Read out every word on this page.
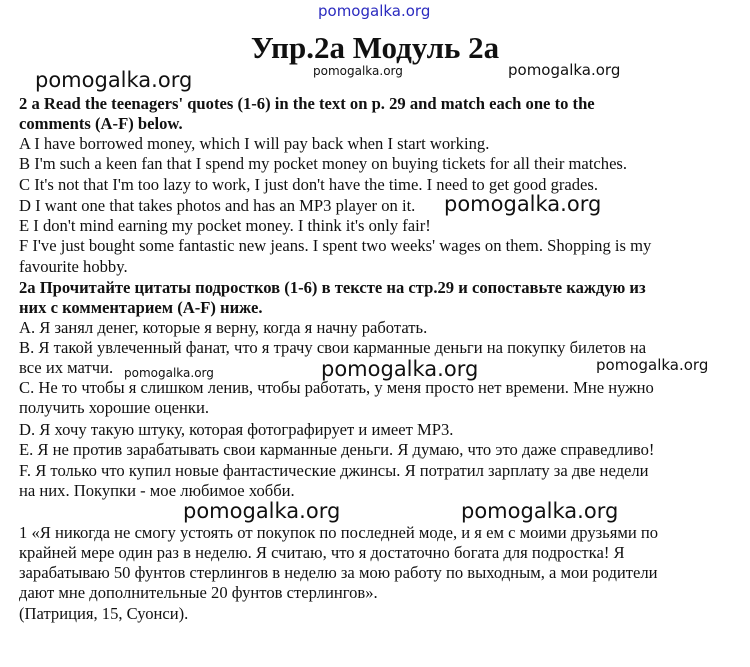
pomogalka.org
Упр.2а Модуль 2а
pomogalka.org	pomogalka.org	pomogalka.org
pomogalka.org
pomogalka.org	pomogalka.org	pomogalka.org
pomogalka.org	pomogalka.org
2 a Read the teenagers' quotes (1-6) in the text on p. 29 and match each one to the
comments (A-F) below.
A I have borrowed money, which I will pay back when I start working.
B I'm such a keen fan that I spend my pocket money on buying tickets for all their matches.
C It's not that I'm too lazy to work, I just don't have the time. I need to get good grades.
D I want one that takes photos and has an MP3 player on it.
E I don't mind earning my pocket money. I think it's only fair!
F I've just bought some fantastic new jeans. I spent two weeks' wages on them. Shopping is my
favourite hobby.
2а Прочитайте цитаты подростков (1-6) в тексте на стр.29 и сопоставьте каждую из
них с комментарием (A-F) ниже.
А. Я занял денег, которые я верну, когда я начну работать.
В. Я такой увлеченный фанат, что я трачу свои карманные деньги на покупку билетов на
все их матчи.
С. Не то чтобы я слишком ленив, чтобы работать, у меня просто нет времени. Мне нужно
получить хорошие оценки.
D. Я хочу такую штуку, которая фотографирует и имеет МР3.
Е. Я не против зарабатывать свои карманные деньги. Я думаю, что это даже справедливо!
F. Я только что купил новые фантастические джинсы. Я потратил зарплату за две недели
на них. Покупки - мое любимое хобби.
1 «Я никогда не смогу устоять от покупок по последней моде, и я ем с моими друзьями по
крайней мере один раз в неделю. Я считаю, что я достаточно богата для подростка! Я
зарабатываю 50 фунтов стерлингов в неделю за мою работу по выходным, а мои родители
дают мне дополнительные 20 фунтов стерлингов».
(Патриция, 15, Суонси).
